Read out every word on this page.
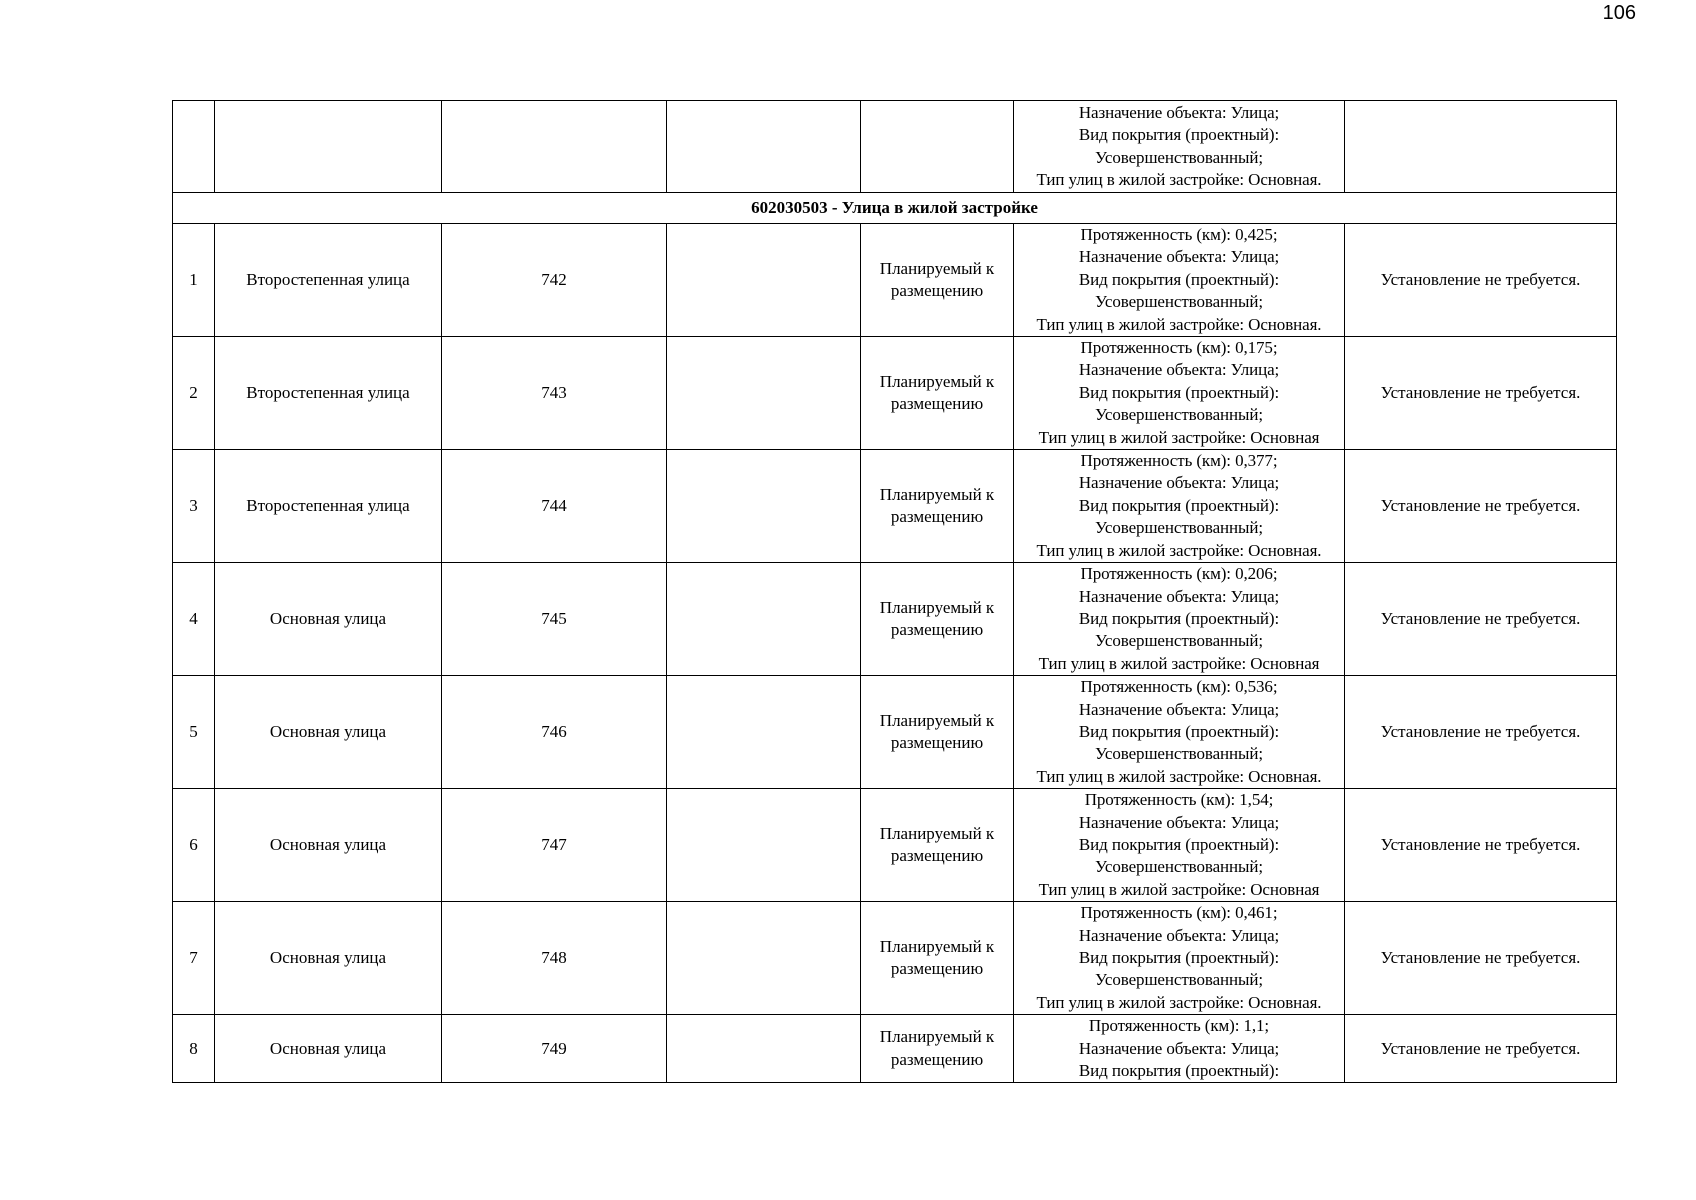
106

					Назначение объекта: Улица;
Вид покрытия (проектный):
Усовершенствованный;
Тип улиц в жилой застройке: Основная.	

602030503 - Улица в жилой застройке						
1	Второстепенная улица	742		Планируемый к размещению	Протяженность (км): 0,425;
Назначение объекта: Улица;
Вид покрытия (проектный):
Усовершенствованный;
Тип улиц в жилой застройке: Основная.	Установление не требуется.
2	Второстепенная улица	743		Планируемый к размещению	Протяженность (км): 0,175;
Назначение объекта: Улица;
Вид покрытия (проектный):
Усовершенствованный;
Тип улиц в жилой застройке: Основная	Установление не требуется.
3	Второстепенная улица	744		Планируемый к размещению	Протяженность (км): 0,377;
Назначение объекта: Улица;
Вид покрытия (проектный):
Усовершенствованный;
Тип улиц в жилой застройке: Основная.	Установление не требуется.
4	Основная улица	745		Планируемый к размещению	Протяженность (км): 0,206;
Назначение объекта: Улица;
Вид покрытия (проектный):
Усовершенствованный;
Тип улиц в жилой застройке: Основная	Установление не требуется.
5	Основная улица	746		Планируемый к размещению	Протяженность (км): 0,536;
Назначение объекта: Улица;
Вид покрытия (проектный):
Усовершенствованный;
Тип улиц в жилой застройке: Основная.	Установление не требуется.
6	Основная улица	747		Планируемый к размещению	Протяженность (км): 1,54;
Назначение объекта: Улица;
Вид покрытия (проектный):
Усовершенствованный;
Тип улиц в жилой застройке: Основная	Установление не требуется.
7	Основная улица	748		Планируемый к размещению	Протяженность (км): 0,461;
Назначение объекта: Улица;
Вид покрытия (проектный):
Усовершенствованный;
Тип улиц в жилой застройке: Основная.	Установление не требуется.
8	Основная улица	749		Планируемый к размещению	Протяженность (км): 1,1;
Назначение объекта: Улица;
Вид покрытия (проектный):	Установление не требуется.
